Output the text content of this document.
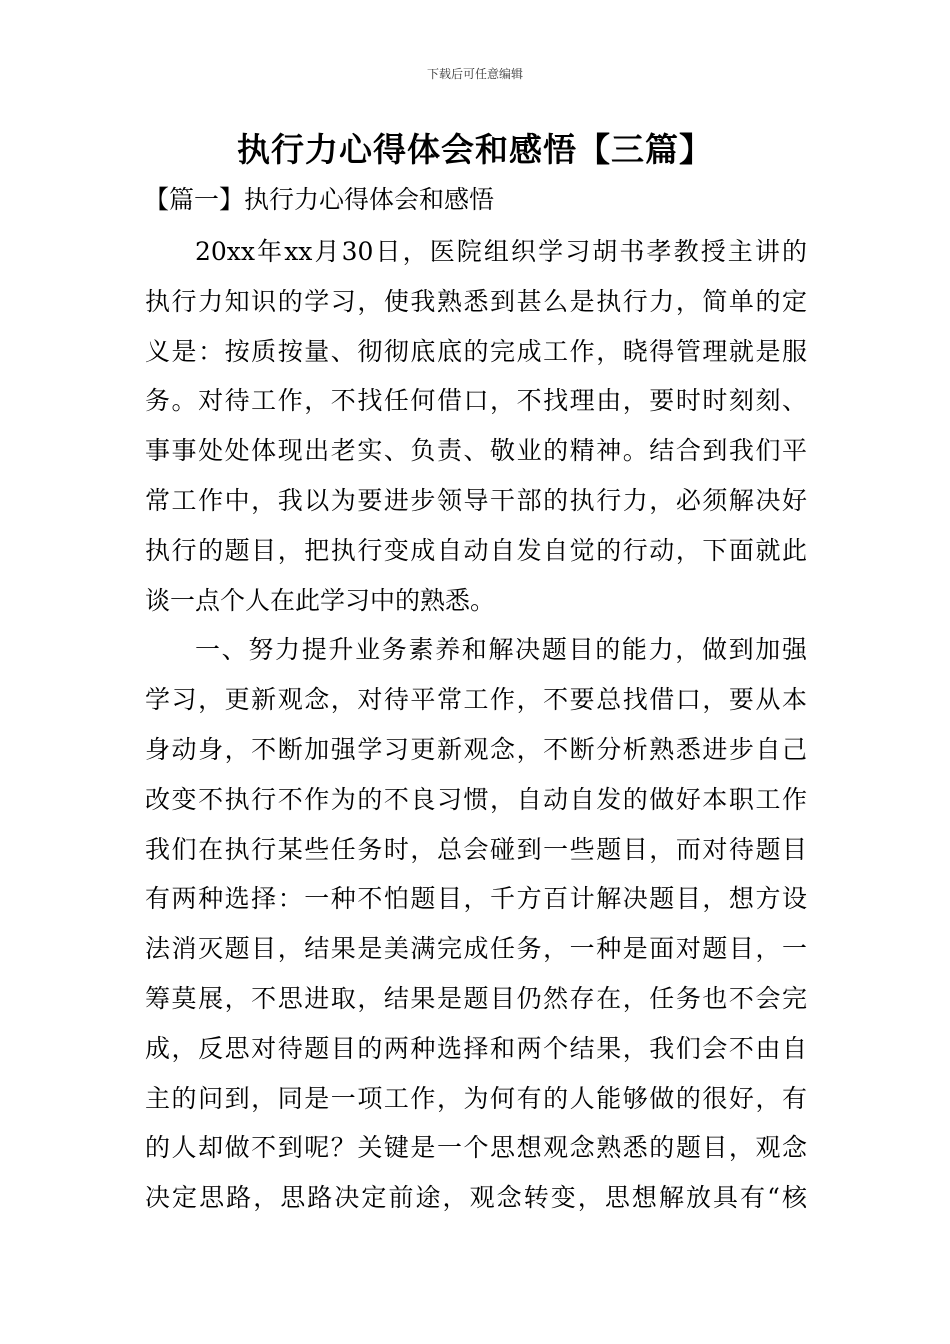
下载后可任意编辑
执行力心得体会和感悟【三篇】
【篇一】执行力心得体会和感悟
20xx年xx月30日，医院组织学习胡书孝教授主讲的
执行力知识的学习，使我熟悉到甚么是执行力，简单的定
义是：按质按量、彻彻底底的完成工作，晓得管理就是服
务。对待工作，不找任何借口，不找理由，要时时刻刻、
事事处处体现出老实、负责、敬业的精神。结合到我们平
常工作中，我以为要进步领导干部的执行力，必须解决好
执行的题目，把执行变成自动自发自觉的行动，下面就此
谈一点个人在此学习中的熟悉。
一、努力提升业务素养和解决题目的能力，做到加强
学习，更新观念，对待平常工作，不要总找借口，要从本
身动身，不断加强学习更新观念，不断分析熟悉进步自己
改变不执行不作为的不良习惯，自动自发的做好本职工作
我们在执行某些任务时，总会碰到一些题目，而对待题目
有两种选择：一种不怕题目，千方百计解决题目，想方设
法消灭题目，结果是美满完成任务，一种是面对题目，一
筹莫展，不思进取，结果是题目仍然存在，任务也不会完
成，反思对待题目的两种选择和两个结果，我们会不由自
主的问到，同是一项工作，为何有的人能够做的很好，有
的人却做不到呢？关键是一个思想观念熟悉的题目，观念
决定思路，思路决定前途，观念转变，思想解放具有“核
